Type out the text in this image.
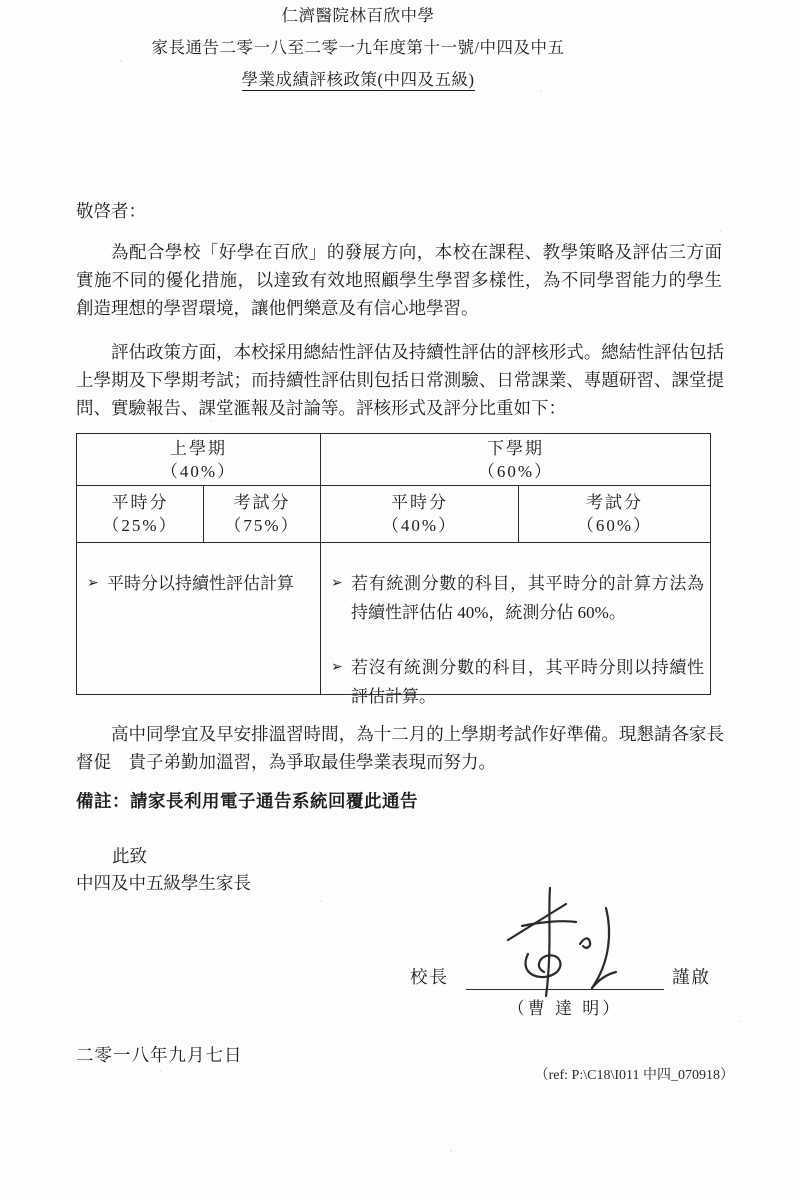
仁濟醫院林百欣中學
家長通告二零一八至二零一九年度第十一號/中四及中五
學業成績評核政策(中四及五級)
敬啓者：
為配合學校「好學在百欣」的發展方向，本校在課程、教學策略及評估三方面實施不同的優化措施，以達致有效地照顧學生學習多樣性，為不同學習能力的學生創造理想的學習環境，讓他們樂意及有信心地學習。
評估政策方面，本校採用總結性評估及持續性評估的評核形式。總結性評估包括上學期及下學期考試；而持續性評估則包括日常測驗、日常課業、專題研習、課堂提問、實驗報告、課堂滙報及討論等。評核形式及評分比重如下：
上學期
（40%）
下學期
（60%）
平時分
（25%）
考試分
（75%）
平時分
（40%）
考試分
（60%）
➢ 平時分以持續性評估計算	➢ 若有統測分數的科目，其平時分的計算方法為持續性評估佔 40%，統測分佔 60%。
➢ 若沒有統測分數的科目，其平時分則以持續性評估計算。
高中同學宜及早安排溫習時間，為十二月的上學期考試作好準備。現懇請各家長督促　貴子弟勤加溫習，為爭取最佳學業表現而努力。
備註：請家長利用電子通告系統回覆此通告
此致
中四及中五級學生家長
校長	謹啟
（曹 達 明）
二零一八年九月七日
（ref: P:\C18\I011 中四_070918）
